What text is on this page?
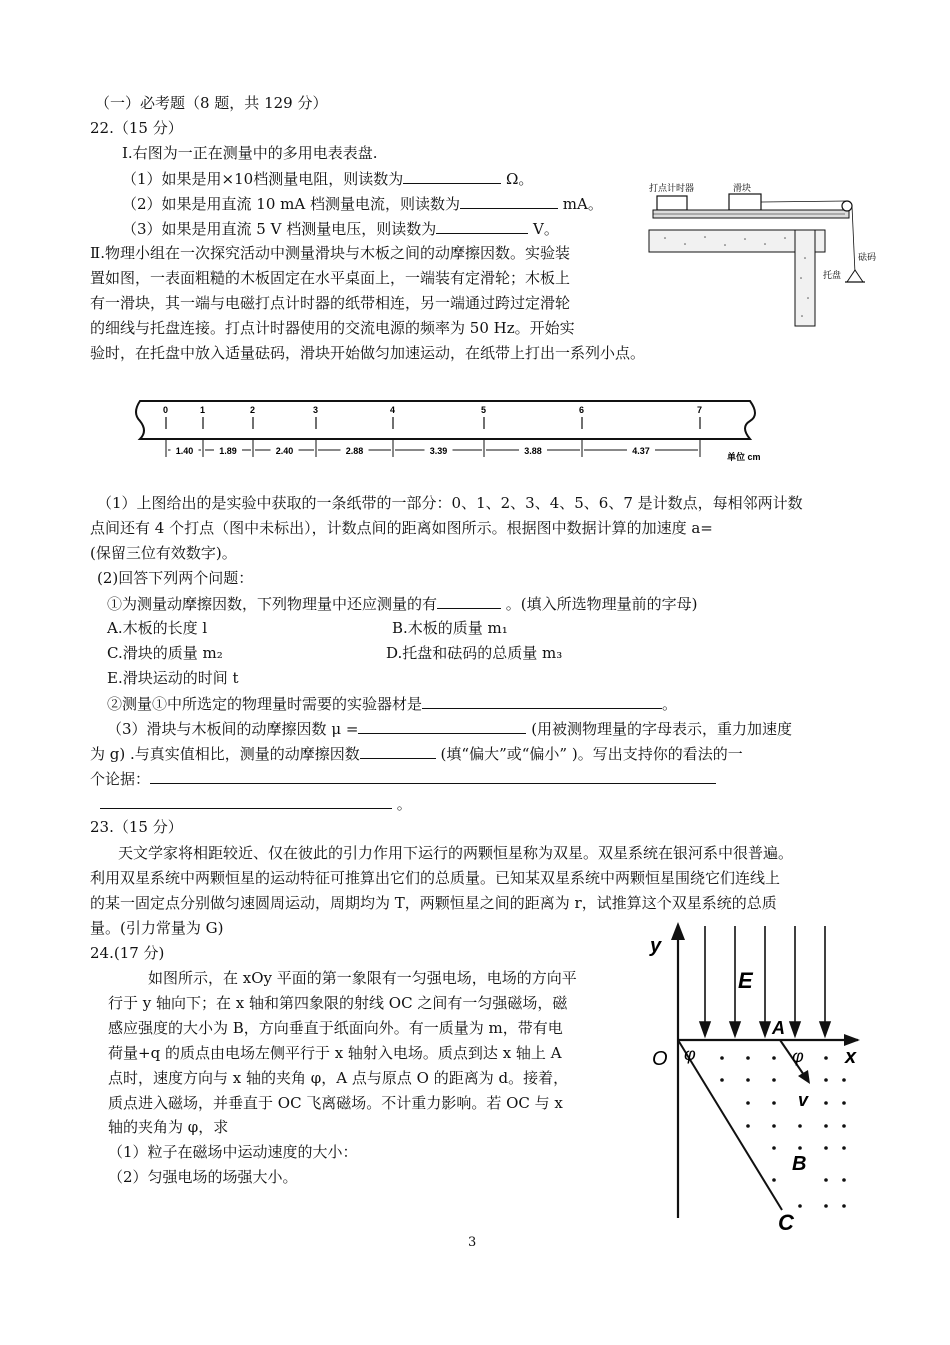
（一）必考题（8 题，共 129 分）
22.（15 分）
I.右图为一正在测量中的多用电表表盘.
（1）如果是用×10档测量电阻，则读数为	Ω。
（2）如果是用直流 10 mA 档测量电流，则读数为	mA。
（3）如果是用直流 5 V 档测量电压，则读数为	V。
Ⅱ.物理小组在一次探究活动中测量滑块与木板之间的动摩擦因数。实验装
置如图，一表面粗糙的木板固定在水平桌面上，一端装有定滑轮；木板上
有一滑块，其一端与电磁打点计时器的纸带相连，另一端通过跨过定滑轮
的细线与托盘连接。打点计时器使用的交流电源的频率为 50 Hz。开始实
验时，在托盘中放入适量砝码，滑块开始做匀加速运动，在纸带上打出一系列小点。
打点计时器	滑块
砝码
托盘
0	1	2	3	4	5	6	7
1.40	1.89	2.40	2.88	3.39	3.88	4.37
单位 cm
（1）上图给出的是实验中获取的一条纸带的一部分：0、1、2、3、4、5、6、7 是计数点，每相邻两计数
点间还有 4 个打点（图中未标出），计数点间的距离如图所示。根据图中数据计算的加速度 a=
(保留三位有效数字)。
(2)回答下列两个问题：
①为测量动摩擦因数，下列物理量中还应测量的有	。(填入所选物理量前的字母)
A.木板的长度 l	B.木板的质量 m₁
C.滑块的质量 m₂	D.托盘和砝码的总质量 m₃
E.滑块运动的时间 t
②测量①中所选定的物理量时需要的实验器材是	。
（3）滑块与木板间的动摩擦因数 μ =	(用被测物理量的字母表示，重力加速度
为 g) .与真实值相比，测量的动摩擦因数	(填“偏大”或“偏小” )。写出支持你的看法的一
个论据：
。
23.（15 分）
天文学家将相距较近、仅在彼此的引力作用下运行的两颗恒星称为双星。双星系统在银河系中很普遍。
利用双星系统中两颗恒星的运动特征可推算出它们的总质量。已知某双星系统中两颗恒星围绕它们连线上
的某一固定点分别做匀速圆周运动，周期均为 T，两颗恒星之间的距离为 r，试推算这个双星系统的总质
量。(引力常量为 G)
24.(17 分)
如图所示，在 xOy 平面的第一象限有一匀强电场，电场的方向平
行于 y 轴向下；在 x 轴和第四象限的射线 OC 之间有一匀强磁场，磁
感应强度的大小为 B，方向垂直于纸面向外。有一质量为 m，带有电
荷量+q 的质点由电场左侧平行于 x 轴射入电场。质点到达 x 轴上 A
点时，速度方向与 x 轴的夹角 φ，A 点与原点 O 的距离为 d。接着，
质点进入磁场，并垂直于 OC 飞离磁场。不计重力影响。若 OC 与 x
轴的夹角为 φ，求
（1）粒子在磁场中运动速度的大小：
（2）匀强电场的场强大小。
y
x
O
E
A
v
φ
φ
C
B
3
